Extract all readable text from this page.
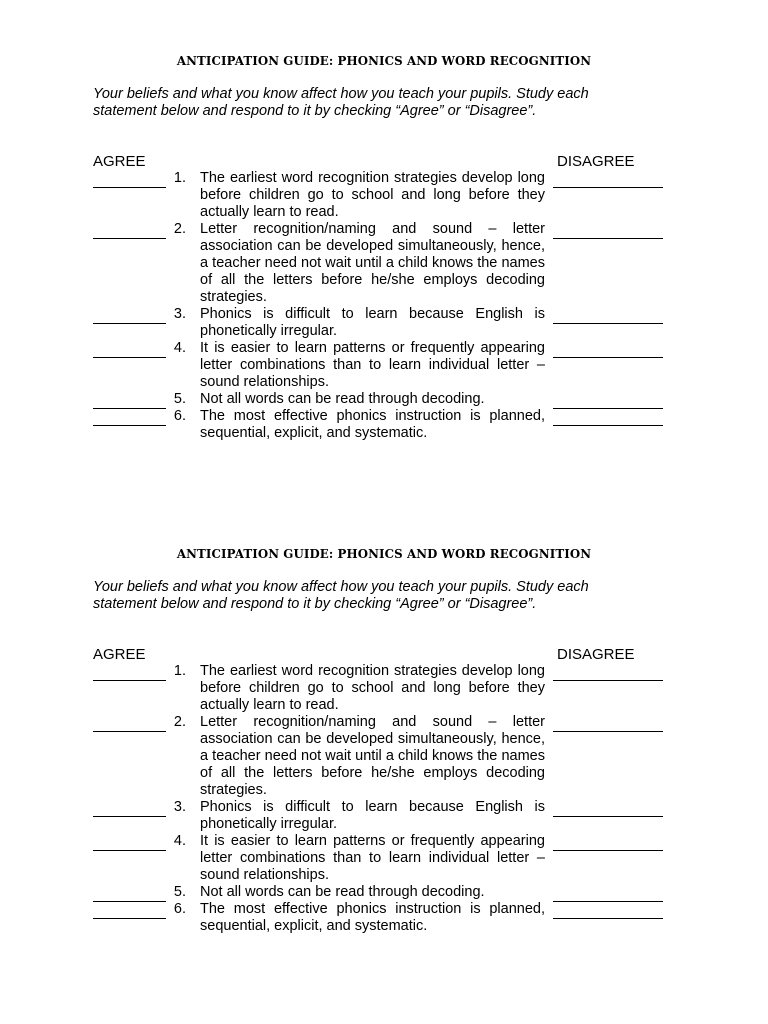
ANTICIPATION GUIDE: PHONICS AND WORD RECOGNITION

Your beliefs and what you know affect how you teach your pupils. Study each statement below and respond to it by checking “Agree” or “Disagree”.

AGREE	DISAGREE
1. The earliest word recognition strategies develop long before children go to school and long before they actually learn to read.
2. Letter recognition/naming and sound – letter association can be developed simultaneously, hence, a teacher need not wait until a child knows the names of all the letters before he/she employs decoding strategies.
3. Phonics is difficult to learn because English is phonetically irregular.
4. It is easier to learn patterns or frequently appearing letter combinations than to learn individual letter – sound relationships.
5. Not all words can be read through decoding.
6. The most effective phonics instruction is planned, sequential, explicit, and systematic.
ANTICIPATION GUIDE: PHONICS AND WORD RECOGNITION

Your beliefs and what you know affect how you teach your pupils. Study each statement below and respond to it by checking “Agree” or “Disagree”.

AGREE	DISAGREE
1. The earliest word recognition strategies develop long before children go to school and long before they actually learn to read.
2. Letter recognition/naming and sound – letter association can be developed simultaneously, hence, a teacher need not wait until a child knows the names of all the letters before he/she employs decoding strategies.
3. Phonics is difficult to learn because English is phonetically irregular.
4. It is easier to learn patterns or frequently appearing letter combinations than to learn individual letter – sound relationships.
5. Not all words can be read through decoding.
6. The most effective phonics instruction is planned, sequential, explicit, and systematic.
